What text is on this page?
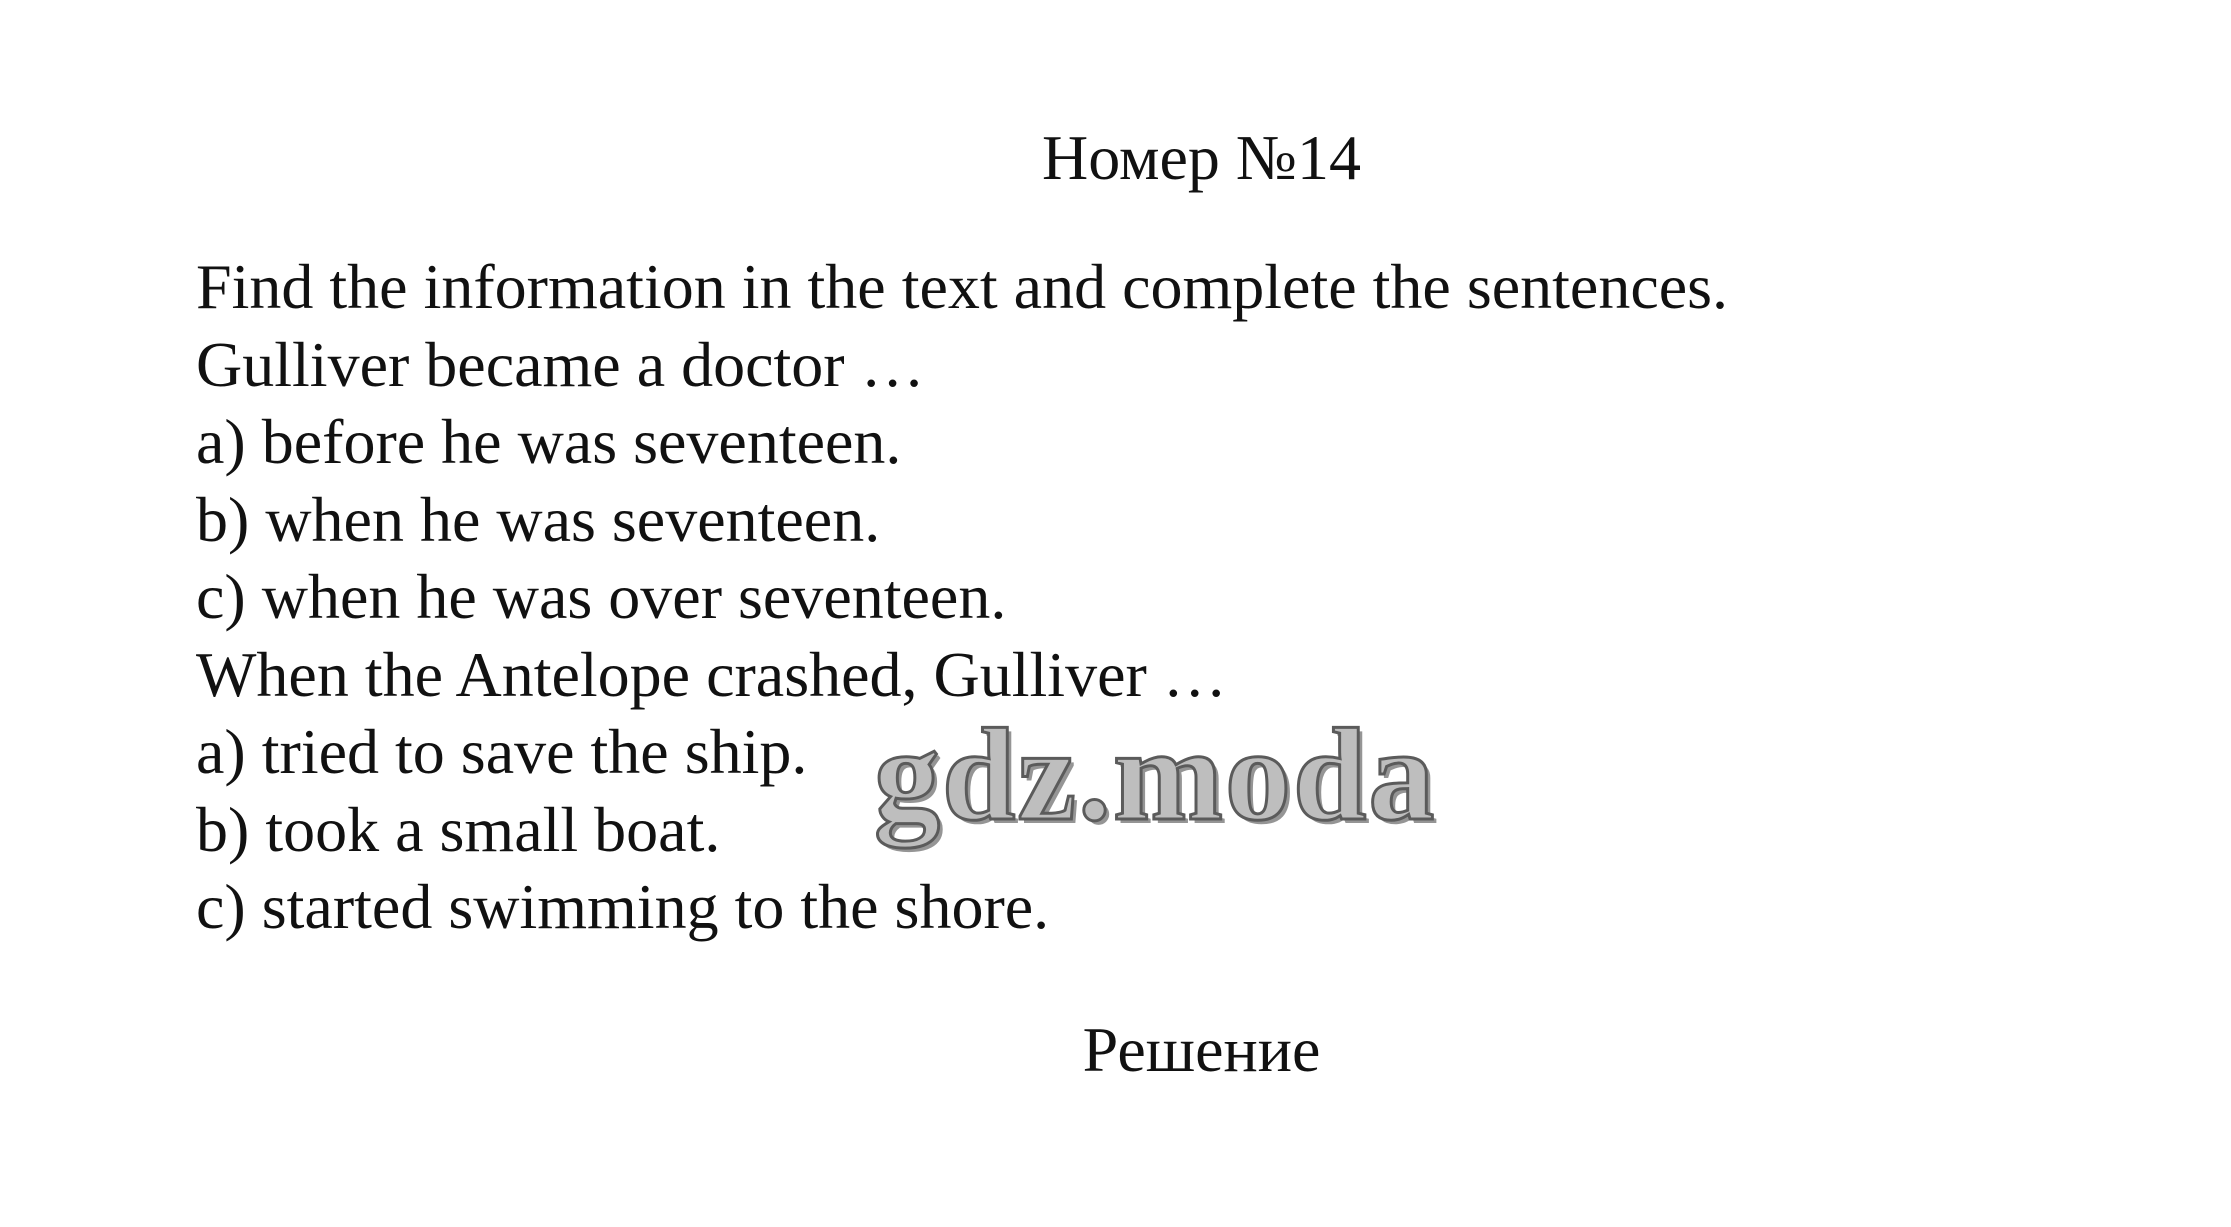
Номер №14
Find the information in the text and complete the sentences.
Gulliver became a doctor …
a) before he was seventeen.
b) when he was seventeen.
c) when he was over seventeen.
When the Antelope crashed, Gulliver …
a) tried to save the ship.
b) took a small boat.
c) started swimming to the shore.
gdz.moda
Решение
